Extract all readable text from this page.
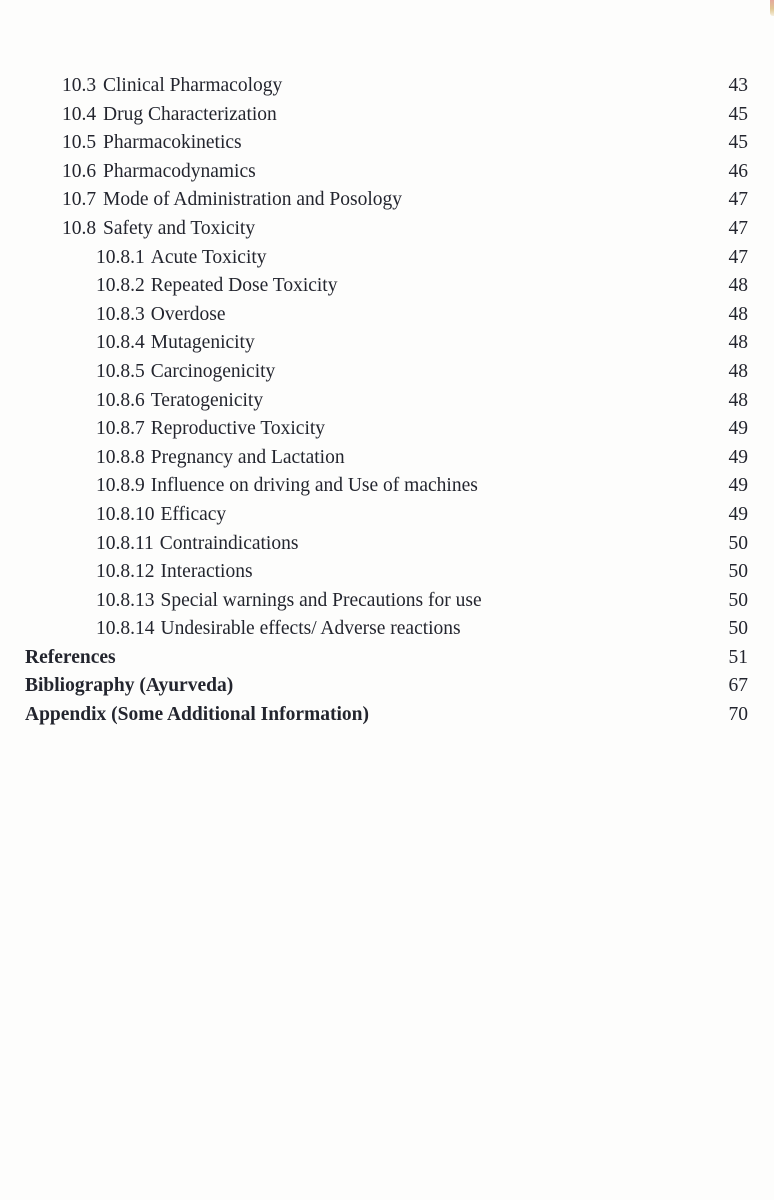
10.3 Clinical Pharmacology	43
10.4 Drug Characterization	45
10.5 Pharmacokinetics	45
10.6 Pharmacodynamics	46
10.7 Mode of Administration and Posology	47
10.8 Safety and Toxicity	47
10.8.1 Acute Toxicity	47
10.8.2 Repeated Dose Toxicity	48
10.8.3 Overdose	48
10.8.4 Mutagenicity	48
10.8.5 Carcinogenicity	48
10.8.6 Teratogenicity	48
10.8.7 Reproductive Toxicity	49
10.8.8 Pregnancy and Lactation	49
10.8.9 Influence on driving and Use of machines	49
10.8.10 Efficacy	49
10.8.11 Contraindications	50
10.8.12 Interactions	50
10.8.13 Special warnings and Precautions for use	50
10.8.14 Undesirable effects/ Adverse reactions	50
References	51
Bibliography (Ayurveda)	67
Appendix (Some Additional Information)	70
